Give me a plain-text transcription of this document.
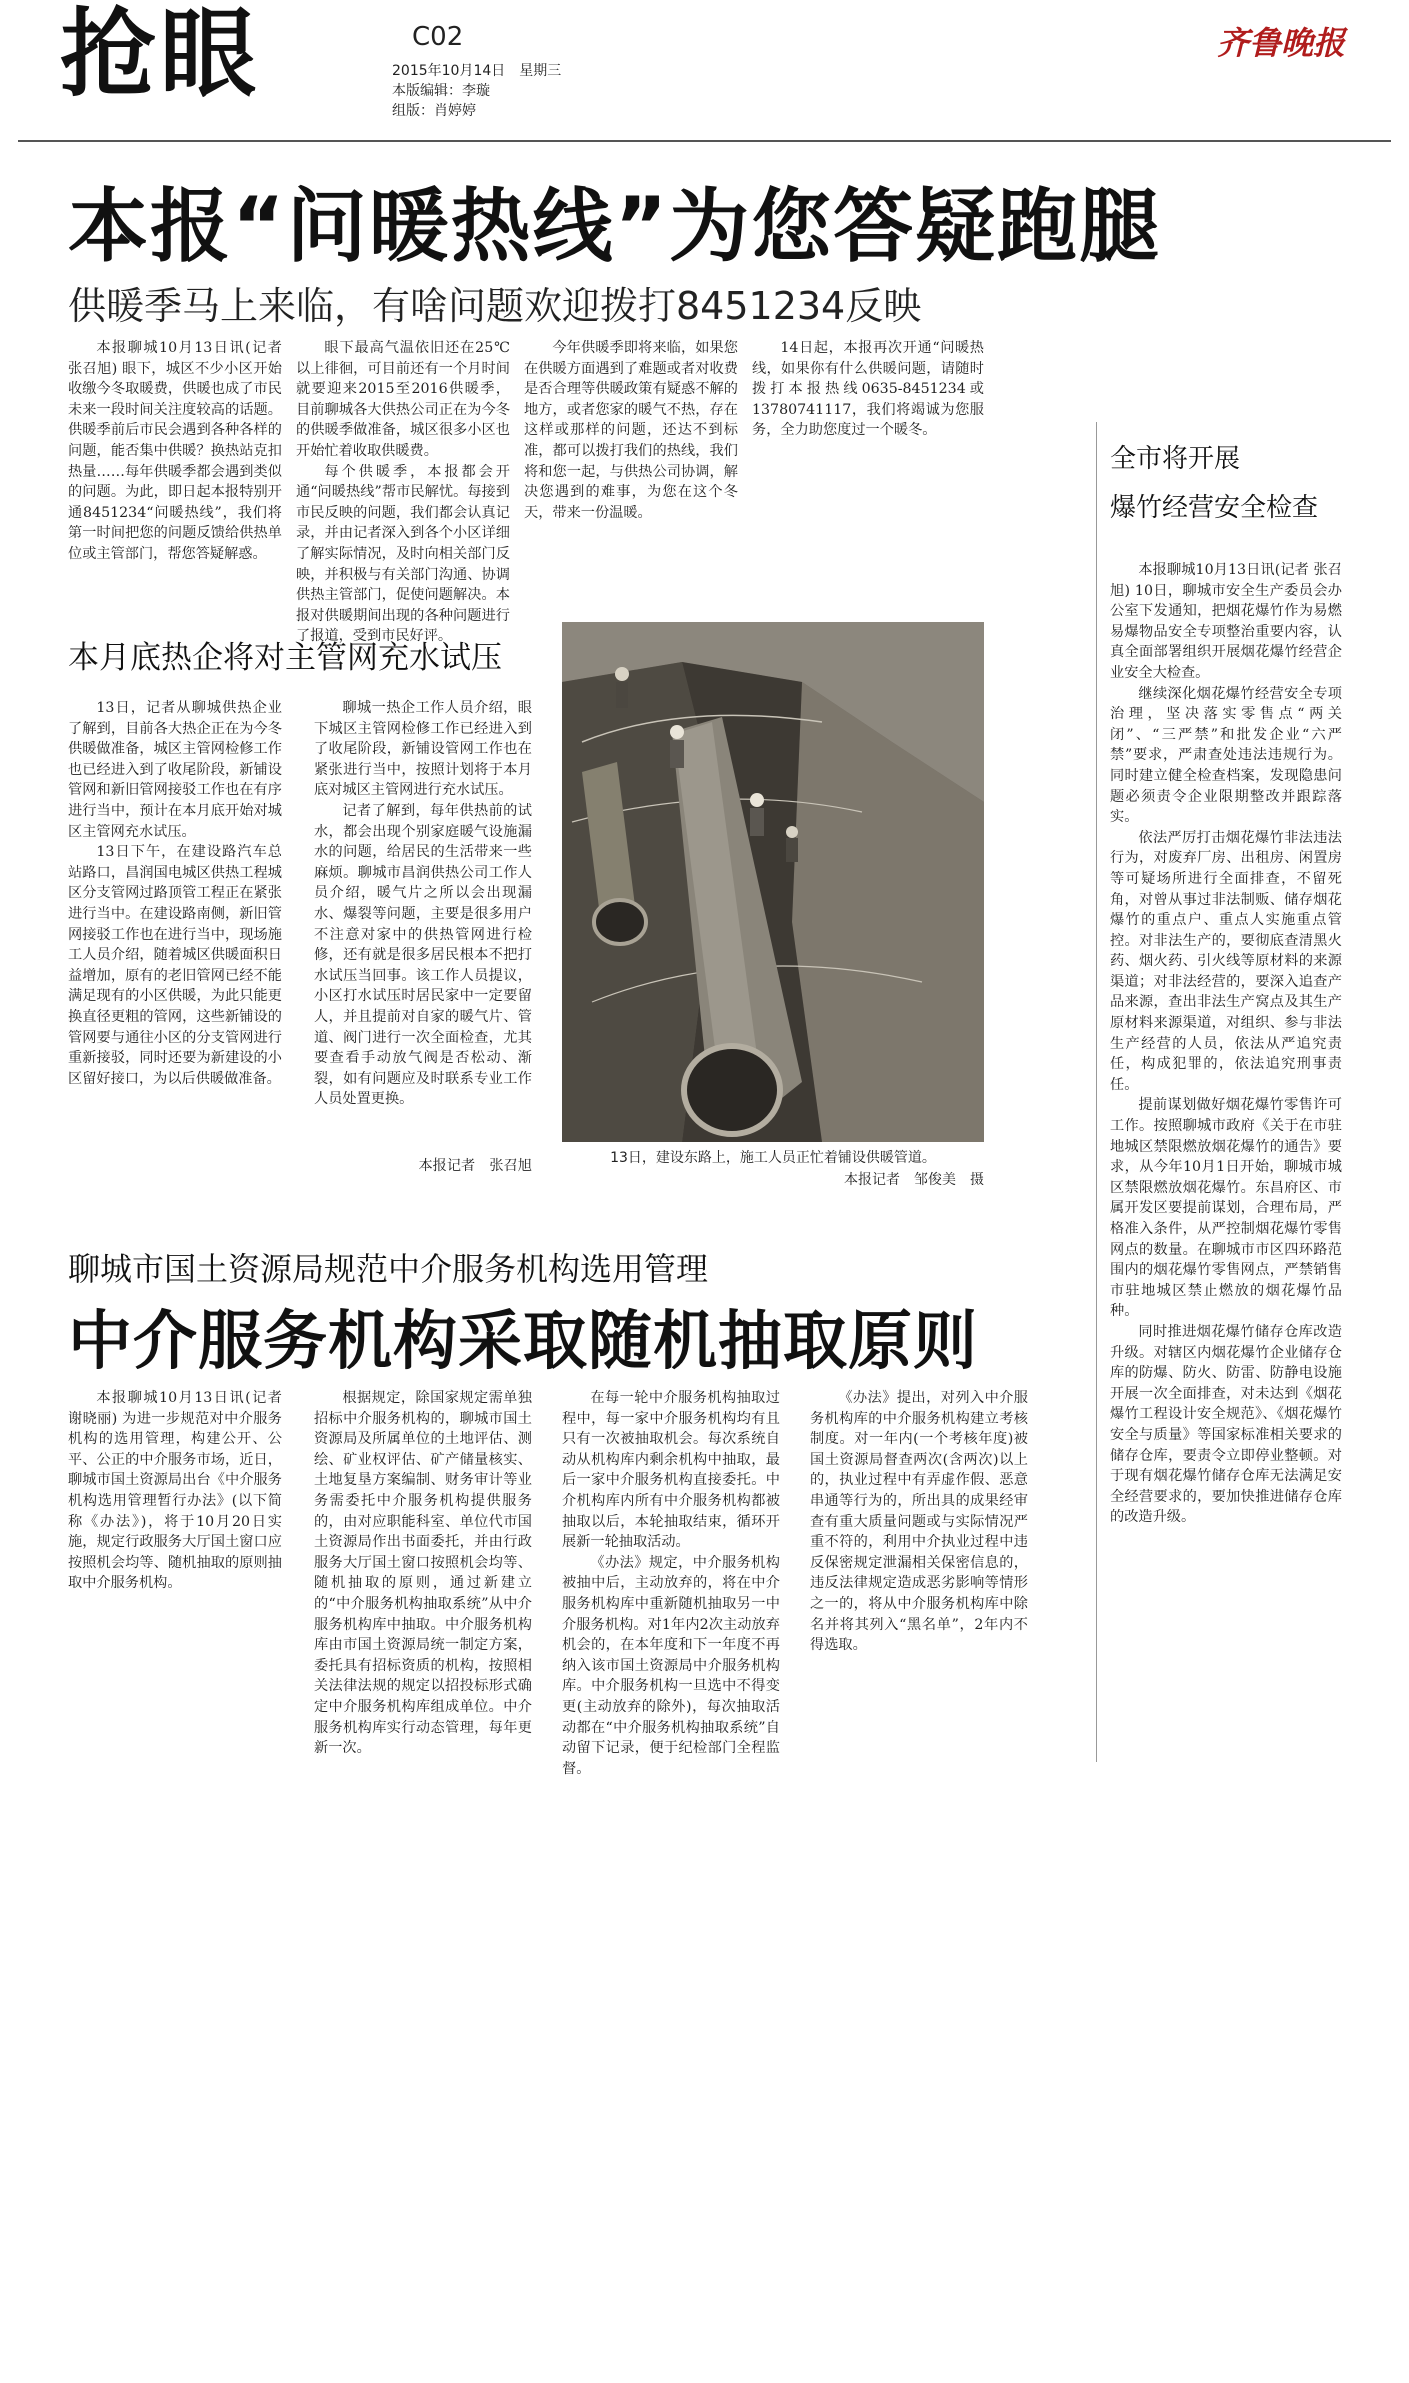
抢眼	C02
2015年10月14日　星期三
本版编辑：李璇
组版：肖婷婷
齐鲁晚报
本报“问暖热线”为您答疑跑腿
供暖季马上来临，有啥问题欢迎拨打8451234反映

本报聊城10月13日讯(记者 张召旭) 眼下，城区不少小区开始收缴今冬取暖费，供暖也成了市民未来一段时间关注度较高的话题。供暖季前后市民会遇到各种各样的问题，能否集中供暖？换热站克扣热量……每年供暖季都会遇到类似的问题。为此，即日起本报特别开通8451234“问暖热线”，我们将第一时间把您的问题反馈给供热单位或主管部门，帮您答疑解惑。

眼下最高气温依旧还在25℃以上徘徊，可目前还有一个月时间就要迎来2015至2016供暖季，目前聊城各大供热公司正在为今冬的供暖季做准备，城区很多小区也开始忙着收取供暖费。

每个供暖季，本报都会开通“问暖热线”帮市民解忧。每接到市民反映的问题，我们都会认真记录，并由记者深入到各个小区详细了解实际情况，及时向相关部门反映，并积极与有关部门沟通、协调供热主管部门，促使问题解决。本报对供暖期间出现的各种问题进行了报道，受到市民好评。

今年供暖季即将来临，如果您在供暖方面遇到了难题或者对收费是否合理等供暖政策有疑惑不解的地方，或者您家的暖气不热，存在这样或那样的问题，还达不到标准，都可以拨打我们的热线，我们将和您一起，与供热公司协调，解决您遇到的难事，为您在这个冬天，带来一份温暖。

14日起，本报再次开通“问暖热线，如果你有什么供暖问题，请随时拨打本报热线0635-8451234或13780741117，我们将竭诚为您服务，全力助您度过一个暖冬。

本月底热企将对主管网充水试压

13日，记者从聊城供热企业了解到，目前各大热企正在为今冬供暖做准备，城区主管网检修工作也已经进入到了收尾阶段，新铺设管网和新旧管网接驳工作也在有序进行当中，预计在本月底开始对城区主管网充水试压。

13日下午，在建设路汽车总站路口，昌润国电城区供热工程城区分支管网过路顶管工程正在紧张进行当中。在建设路南侧，新旧管网接驳工作也在进行当中，现场施工人员介绍，随着城区供暖面积日益增加，原有的老旧管网已经不能满足现有的小区供暖，为此只能更换直径更粗的管网，这些新铺设的管网要与通往小区的分支管网进行重新接驳，同时还要为新建设的小区留好接口，为以后供暖做准备。

聊城一热企工作人员介绍，眼下城区主管网检修工作已经进入到了收尾阶段，新铺设管网工作也在紧张进行当中，按照计划将于本月底对城区主管网进行充水试压。

记者了解到，每年供热前的试水，都会出现个别家庭暖气设施漏水的问题，给居民的生活带来一些麻烦。聊城市昌润供热公司工作人员介绍，暖气片之所以会出现漏水、爆裂等问题，主要是很多用户不注意对家中的供热管网进行检修，还有就是很多居民根本不把打水试压当回事。该工作人员提议，小区打水试压时居民家中一定要留人，并且提前对自家的暖气片、管道、阀门进行一次全面检查，尤其要查看手动放气阀是否松动、渐裂，如有问题应及时联系专业工作人员处置更换。

本报记者　张召旭	13日，建设东路上，施工人员正忙着铺设供暖管道。
本报记者　邹俊美　摄
全市将开展
爆竹经营安全检查

本报聊城10月13日讯(记者 张召旭) 10日，聊城市安全生产委员会办公室下发通知，把烟花爆竹作为易燃易爆物品安全专项整治重要内容，认真全面部署组织开展烟花爆竹经营企业安全大检查。

继续深化烟花爆竹经营安全专项治理，坚决落实零售点“两关闭”、“三严禁”和批发企业“六严禁”要求，严肃查处违法违规行为。同时建立健全检查档案，发现隐患问题必须责令企业限期整改并跟踪落实。

依法严厉打击烟花爆竹非法违法行为，对废弃厂房、出租房、闲置房等可疑场所进行全面排查，不留死角，对曾从事过非法制贩、储存烟花爆竹的重点户、重点人实施重点管控。对非法生产的，要彻底查清黑火药、烟火药、引火线等原材料的来源渠道；对非法经营的，要深入追查产品来源，查出非法生产窝点及其生产原材料来源渠道，对组织、参与非法生产经营的人员，依法从严追究责任，构成犯罪的，依法追究刑事责任。

提前谋划做好烟花爆竹零售许可工作。按照聊城市政府《关于在市驻地城区禁限燃放烟花爆竹的通告》要求，从今年10月1日开始，聊城市城区禁限燃放烟花爆竹。东昌府区、市属开发区要提前谋划，合理布局，严格准入条件，从严控制烟花爆竹零售网点的数量。在聊城市市区四环路范围内的烟花爆竹零售网点，严禁销售市驻地城区禁止燃放的烟花爆竹品种。

同时推进烟花爆竹储存仓库改造升级。对辖区内烟花爆竹企业储存仓库的防爆、防火、防雷、防静电设施开展一次全面排查，对未达到《烟花爆竹工程设计安全规范》、《烟花爆竹安全与质量》等国家标准相关要求的储存仓库，要责令立即停业整顿。对于现有烟花爆竹储存仓库无法满足安全经营要求的，要加快推进储存仓库的改造升级。

聊城市国土资源局规范中介服务机构选用管理
中介服务机构采取随机抽取原则

本报聊城10月13日讯(记者 谢晓丽) 为进一步规范对中介服务机构的选用管理，构建公开、公平、公正的中介服务市场，近日，聊城市国土资源局出台《中介服务机构选用管理暂行办法》(以下简称《办法》)，将于10月20日实施，规定行政服务大厅国土窗口应按照机会均等、随机抽取的原则抽取中介服务机构。

根据规定，除国家规定需单独招标中介服务机构的，聊城市国土资源局及所属单位的土地评估、测绘、矿业权评估、矿产储量核实、土地复垦方案编制、财务审计等业务需委托中介服务机构提供服务的，由对应职能科室、单位代市国土资源局作出书面委托，并由行政服务大厅国土窗口按照机会均等、随机抽取的原则，通过新建立的“中介服务机构抽取系统”从中介服务机构库中抽取。中介服务机构库由市国土资源局统一制定方案，委托具有招标资质的机构，按照相关法律法规的规定以招投标形式确定中介服务机构库组成单位。中介服务机构库实行动态管理，每年更新一次。

在每一轮中介服务机构抽取过程中，每一家中介服务机构均有且只有一次被抽取机会。每次系统自动从机构库内剩余机构中抽取，最后一家中介服务机构直接委托。中介机构库内所有中介服务机构都被抽取以后，本轮抽取结束，循环开展新一轮抽取活动。

《办法》规定，中介服务机构被抽中后，主动放弃的，将在中介服务机构库中重新随机抽取另一中介服务机构。对1年内2次主动放弃机会的，在本年度和下一年度不再纳入该市国土资源局中介服务机构库。中介服务机构一旦选中不得变更(主动放弃的除外)，每次抽取活动都在“中介服务机构抽取系统”自动留下记录，便于纪检部门全程监督。

《办法》提出，对列入中介服务机构库的中介服务机构建立考核制度。对一年内(一个考核年度)被国土资源局督查两次(含两次)以上的，执业过程中有弄虚作假、恶意串通等行为的，所出具的成果经审查有重大质量问题或与实际情况严重不符的，利用中介执业过程中违反保密规定泄漏相关保密信息的，违反法律规定造成恶劣影响等情形之一的，将从中介服务机构库中除名并将其列入“黑名单”，2年内不得选取。
